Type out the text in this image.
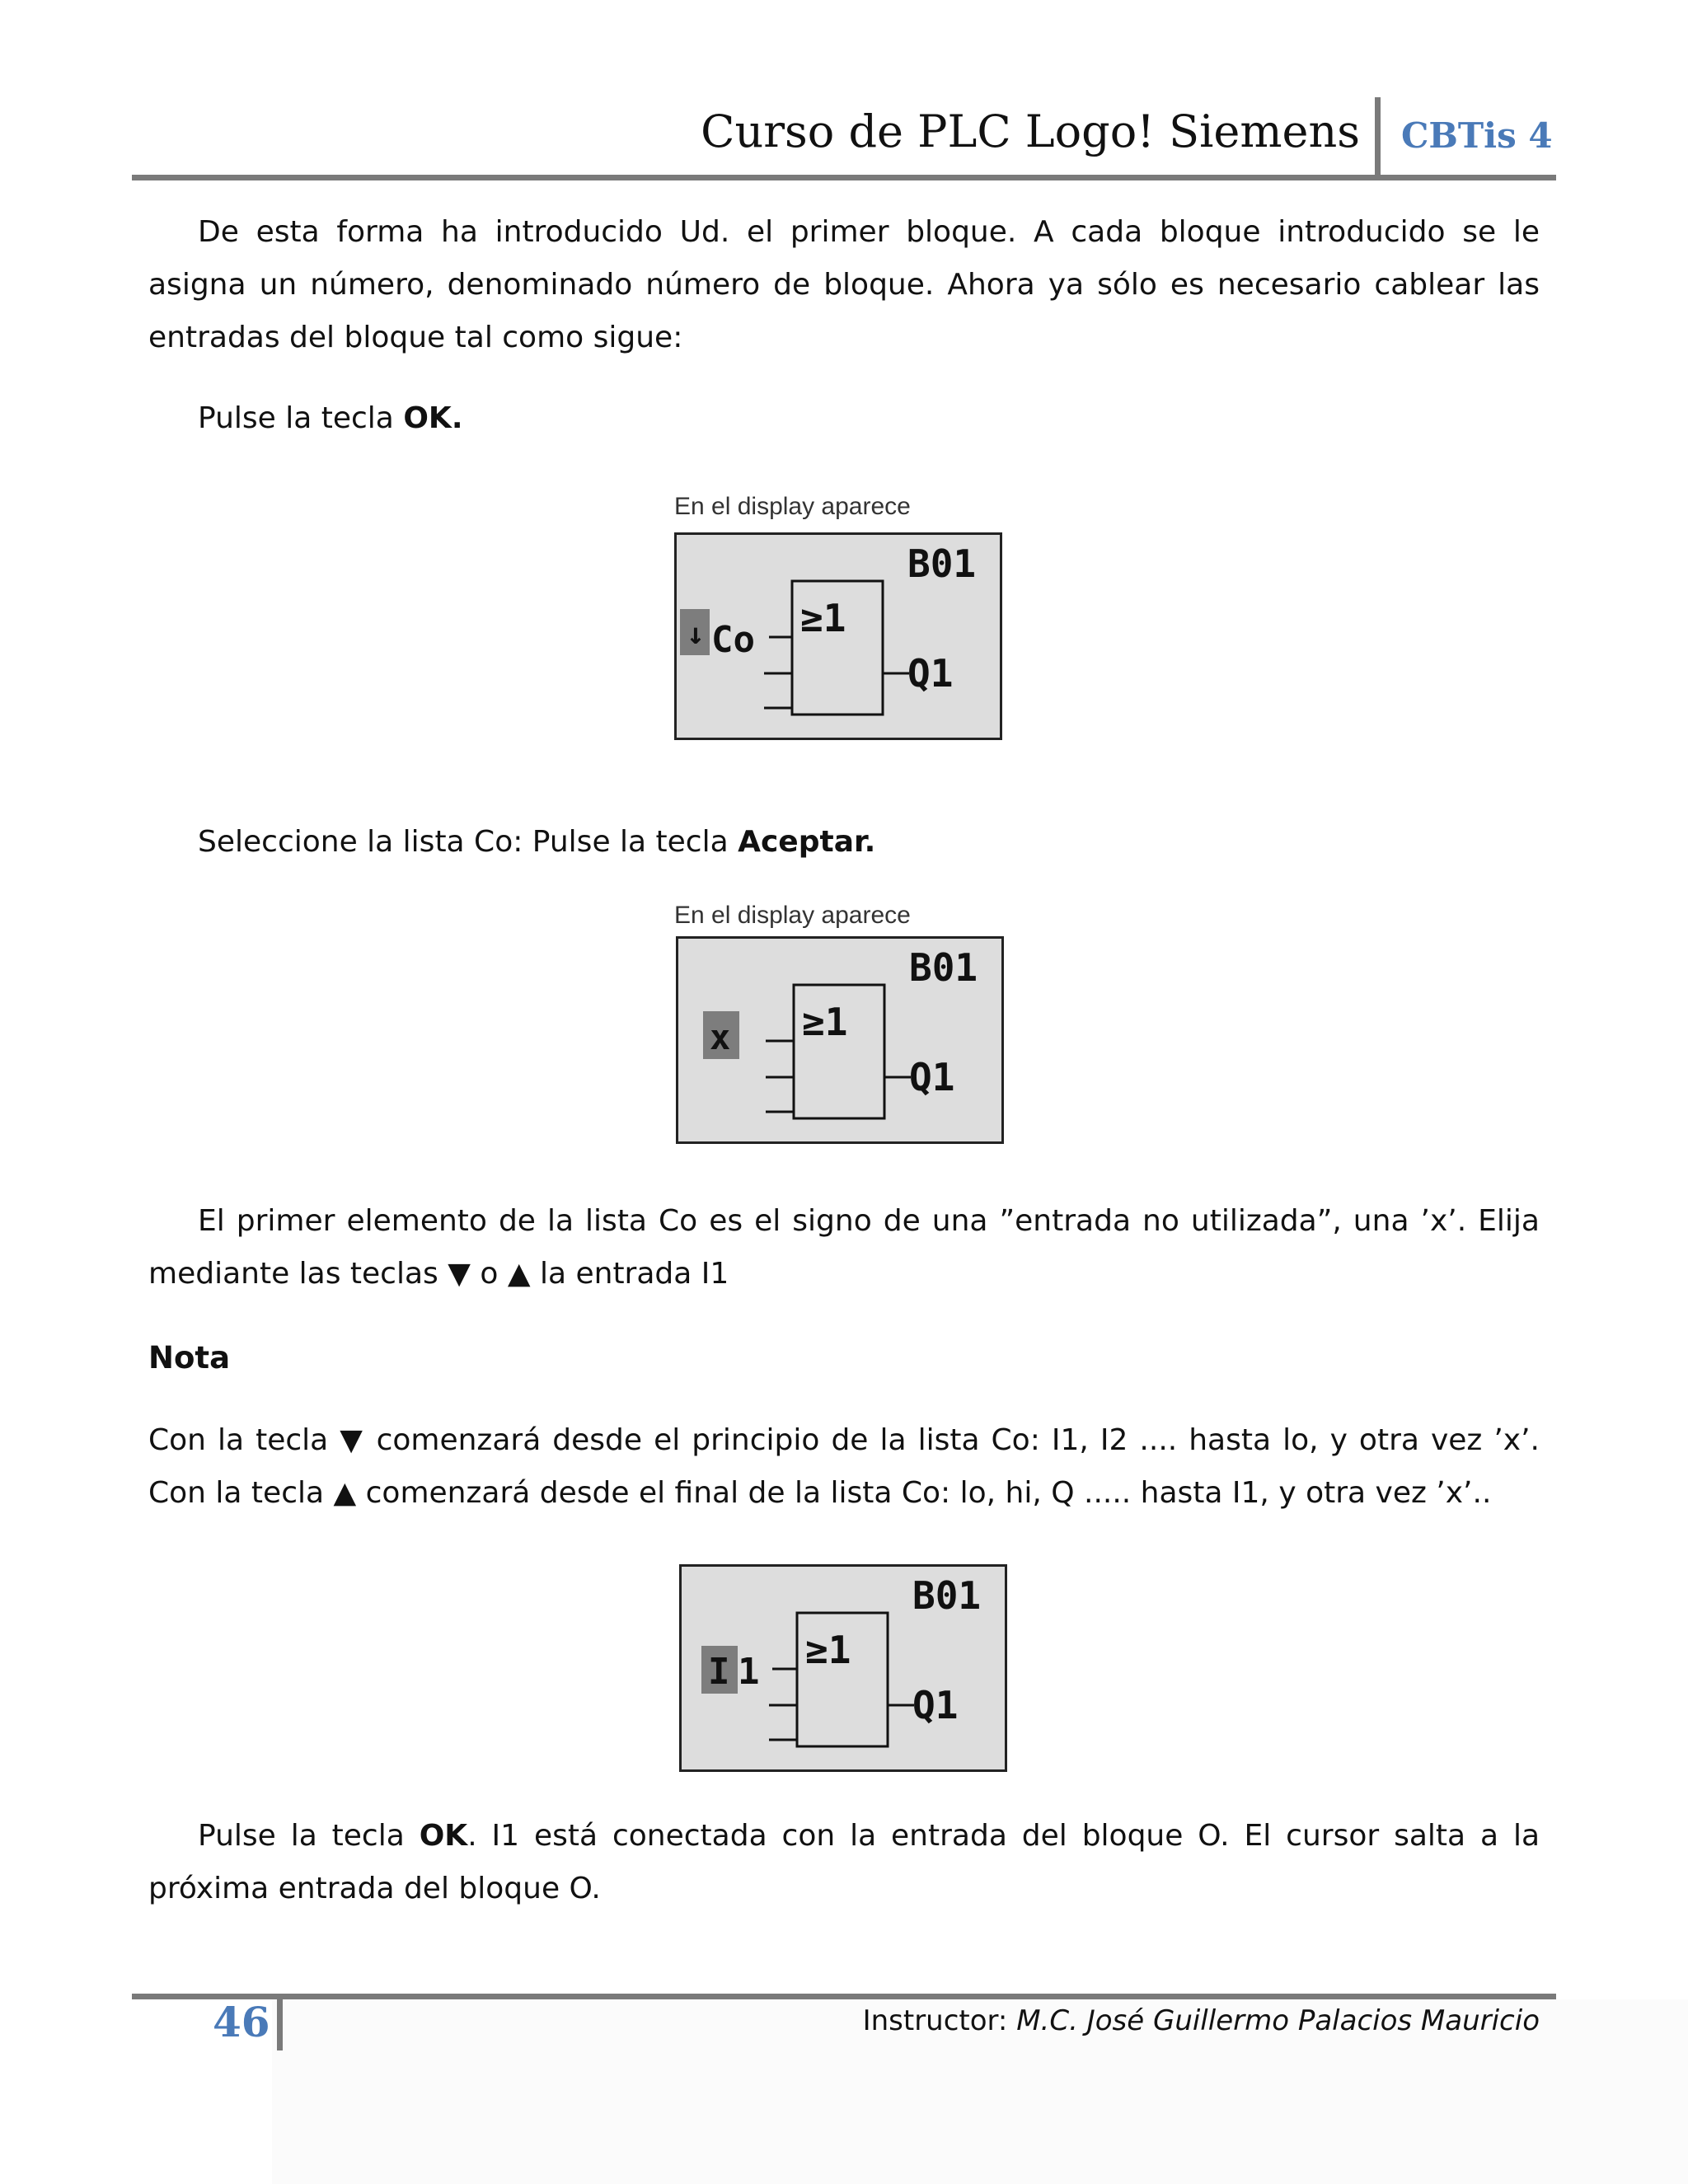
Curso de PLC Logo! Siemens CBTis 4
De esta forma ha introducido Ud. el primer bloque. A cada bloque introducido se le asigna un número, denominado número de bloque. Ahora ya sólo es necesario cablear las entradas del bloque tal como sigue:
Pulse la tecla OK.
En el display aparece
↓ Co ≥1
B01
Q1
Seleccione la lista Co: Pulse la tecla Aceptar.
En el display aparece
x ≥1
B01
Q1
El primer elemento de la lista Co es el signo de una ”entrada no utilizada”, una ’x’. Elija
mediante las teclas ▼ o ▲ la entrada I1
Nota
Con la tecla ▼ comenzará desde el principio de la lista Co: I1, I2 .... hasta lo, y otra vez ’x’. Con la tecla ▲ comenzará desde el final de la lista Co: lo, hi, Q ..... hasta I1, y otra vez ’x’..
I 1 ≥1
B01
Q1
Pulse la tecla OK. I1 está conectada con la entrada del bloque O. El cursor salta a la próxima entrada del bloque O.
46	Instructor: M.C. José Guillermo Palacios Mauricio
